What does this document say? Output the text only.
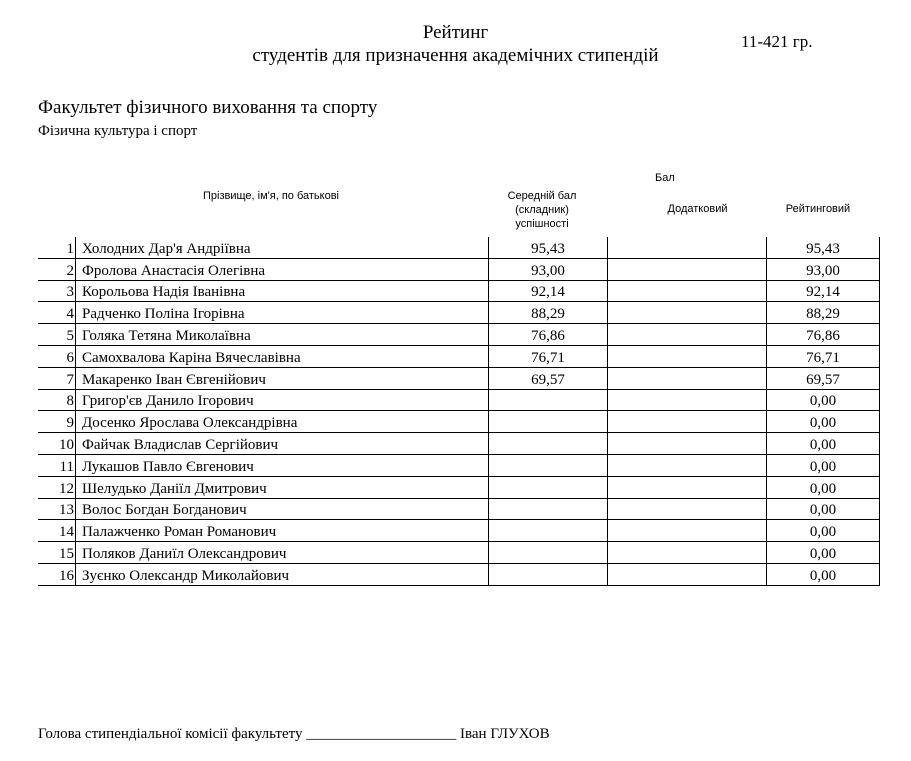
Рейтинг
студентів для призначення академічних стипендій
11-421 гр.
Факультет фізичного виховання та спорту
Фізична культура і спорт
Бал
Прізвище, ім'я, по батькові	Середній бал
(складник)
успішності
Додатковий	Рейтинговий
1	Холодних Дар'я Андріївна	95,43		95,43
2	Фролова Анастасія Олегівна	93,00		93,00
3	Корольова Надія Іванівна	92,14		92,14
4	Радченко Поліна Ігорівна	88,29		88,29
5	Голяка Тетяна Миколаївна	76,86		76,86
6	Самохвалова Каріна Вячеславівна	76,71		76,71
7	Макаренко Іван Євгенійович	69,57		69,57
8	Григор'єв Данило Ігорович			0,00
9	Досенко Ярослава Олександрівна			0,00
10	Файчак Владислав Сергійович			0,00
11	Лукашов Павло Євгенович			0,00
12	Шелудько Даніїл Дмитрович			0,00
13	Волос Богдан Богданович			0,00
14	Палажченко Роман Романович			0,00
15	Поляков Даниїл Олександрович			0,00
16	Зуєнко Олександр Миколайович			0,00
Голова стипендіальної комісії факультету ____________________ Іван ГЛУХОВ
